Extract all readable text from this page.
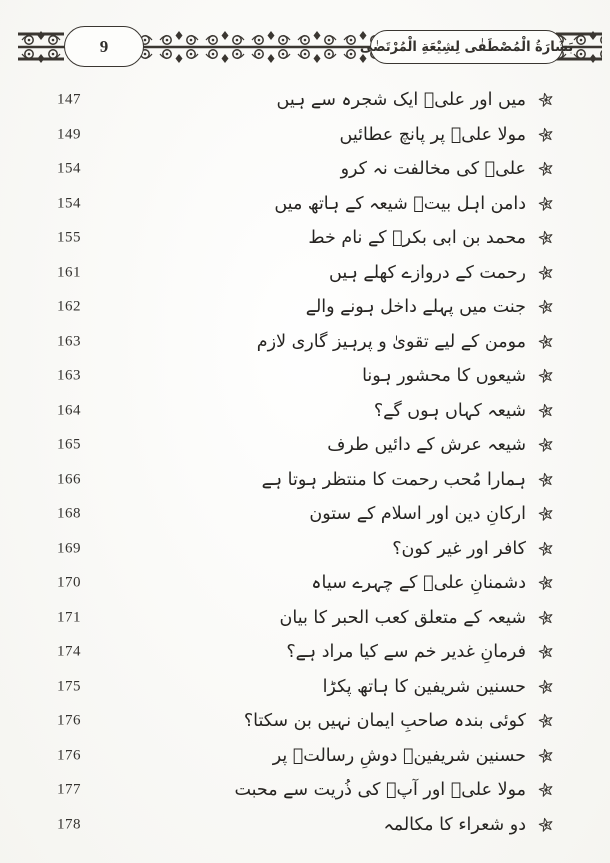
9	بَشَارَةُ الْمُصْطَفٰى لِشِيْعَةِ الْمُرْتَضٰى
147	میں اور علیؑ ایک شجرہ سے ہیں
149	مولا علیؑ پر پانچ عطائیں
154	علیؑ کی مخالفت نہ کرو
154	دامن اہل بیتؑ شیعہ کے ہاتھ میں
155	محمد بن ابی بکرؓ کے نام خط
161	رحمت کے دروازے کھلے ہیں
162	جنت میں پہلے داخل ہونے والے
163	مومن کے لیے تقویٰ و پرہیز گاری لازم
163	شیعوں کا محشور ہونا
164	شیعہ کہاں ہوں گے؟
165	شیعہ عرش کے دائیں طرف
166	ہمارا مُحب رحمت کا منتظر ہوتا ہے
168	ارکانِ دین اور اسلام کے ستون
169	کافر اور غیر کون؟
170	دشمنانِ علیؑ کے چہرے سیاہ
171	شیعہ کے متعلق کعب الحبر کا بیان
174	فرمانِ غدیر خم سے کیا مراد ہے؟
175	حسنین شریفین کا ہاتھ پکڑا
176	کوئی بندہ صاحبِ ایمان نہیں بن سکتا؟
176	حسنین شریفینؑ دوشِ رسالتؐ پر
177	مولا علیؑ اور آپؐ کی ذُریت سے محبت
178	دو شعراء کا مکالمہ
